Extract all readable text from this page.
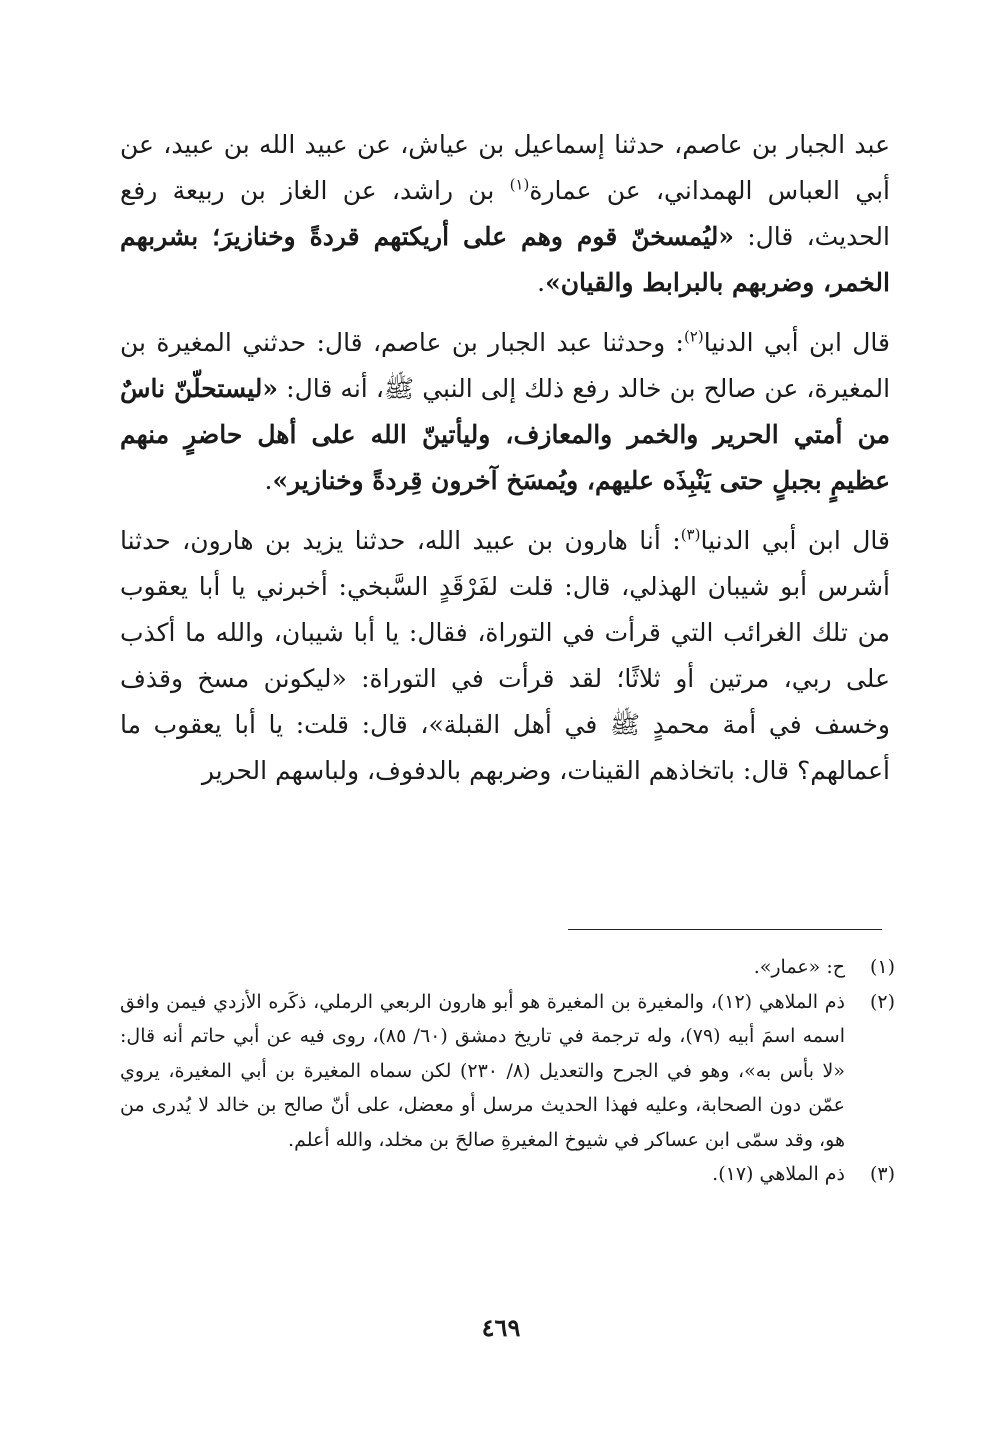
عبد الجبار بن عاصم، حدثنا إسماعيل بن عياش، عن عبيد الله بن عبيد، عن أبي العباس الهمداني، عن عمارة$^{(١)}$ بن راشد، عن الغاز بن ربيعة رفع الحديث، قال: «ليُمسخنّ قوم وهم على أريكتهم قردةً وخنازيرَ؛ بشربهم الخمر، وضربهم بالبرابط والقيان».

قال ابن أبي الدنيا$^{(٢)}$: وحدثنا عبد الجبار بن عاصم، قال: حدثني المغيرة بن المغيرة، عن صالح بن خالد رفع ذلك إلى النبي ﷺ، أنه قال: «ليستحلّنّ ناسٌ من أمتي الحرير والخمر والمعازف، وليأتينّ الله على أهل حاضرٍ منهم عظيمٍ بجبلٍ حتى يَنْبِذَه عليهم، ويُمسَخ آخرون قِردةً وخنازير».

قال ابن أبي الدنيا$^{(٣)}$: أنا هارون بن عبيد الله، حدثنا يزيد بن هارون، حدثنا أشرس أبو شيبان الهذلي، قال: قلت لفَرْقَدٍ السَّبخي: أخبرني يا أبا يعقوب من تلك الغرائب التي قرأت في التوراة، فقال: يا أبا شيبان، والله ما أكذب على ربي، مرتين أو ثلاثًا؛ لقد قرأت في التوراة: «ليكونن مسخ وقذف وخسف في أمة محمدٍ ﷺ في أهل القبلة»، قال: قلت: يا أبا يعقوب ما أعمالهم؟ قال: باتخاذهم القينات، وضربهم بالدفوف، ولباسهم الحرير

(١)
ح: «عمار».
(٢)
ذم الملاهي (١٢)، والمغيرة بن المغيرة هو أبو هارون الربعي الرملي، ذكَره الأزدي فيمن وافق اسمه اسمَ أبيه (٧٩)، وله ترجمة في تاريخ دمشق (٦٠/ ٨٥)، روى فيه عن أبي حاتم أنه قال: «لا بأس به»، وهو في الجرح والتعديل (٨/ ٢٣٠) لكن سماه المغيرة بن أبي المغيرة، يروي عمّن دون الصحابة، وعليه فهذا الحديث مرسل أو معضل، على أنّ صالح بن خالد لا يُدرى من هو، وقد سمّى ابن عساكر في شيوخ المغيرةِ صالحَ بن مخلد، والله أعلم.
(٣)
ذم الملاهي (١٧).
٤٦٩
